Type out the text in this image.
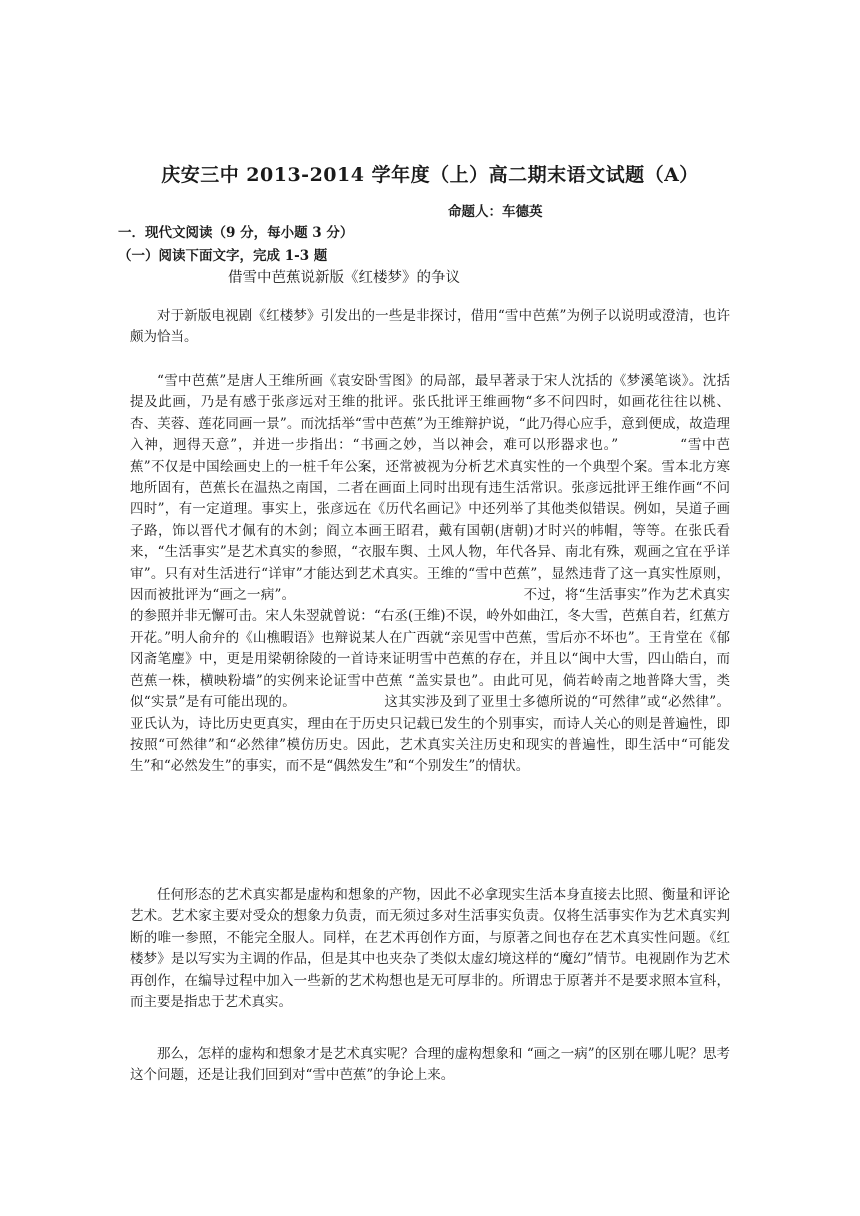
庆安三中 2013-2014 学年度（上）高二期末语文试题（A）
命题人：车德英
一．现代文阅读（9 分，每小题 3 分）
（一）阅读下面文字，完成 1-3 题
借雪中芭蕉说新版《红楼梦》的争议

对于新版电视剧《红楼梦》引发出的一些是非探讨，借用“雪中芭蕉”为例子以说明或澄清，也许颇为恰当。

“雪中芭蕉”是唐人王维所画《袁安卧雪图》的局部，最早著录于宋人沈括的《梦溪笔谈》。沈括提及此画，乃是有感于张彦远对王维的批评。张氏批评王维画物“多不问四时，如画花往往以桃、杏、芙蓉、莲花同画一景”。而沈括举“雪中芭蕉”为王维辩护说，“此乃得心应手，意到便成，故造理入神，迥得天意”，并进一步指出：“书画之妙，当以神会，难可以形器求也。”	“雪中芭蕉”不仅是中国绘画史上的一桩千年公案，还常被视为分析艺术真实性的一个典型个案。雪本北方寒地所固有，芭蕉长在温热之南国，二者在画面上同时出现有违生活常识。张彦远批评王维作画“不问四时”，有一定道理。事实上，张彦远在《历代名画记》中还列举了其他类似错误。例如，吴道子画子路，饰以晋代才佩有的木剑；阎立本画王昭君，戴有国朝(唐朝)才时兴的帏帽，等等。在张氏看来，“生活事实”是艺术真实的参照，“衣服车舆、土风人物，年代各异、南北有殊，观画之宜在乎详审”。只有对生活进行“详审”才能达到艺术真实。王维的“雪中芭蕉”，显然违背了这一真实性原则，因而被批评为“画之一病”。	不过，将“生活事实”作为艺术真实的参照并非无懈可击。宋人朱翌就曾说：“右丞(王维)不误，岭外如曲江，冬大雪，芭蕉自若，红蕉方开花。”明人俞弁的《山樵暇语》也辩说某人在广西就“亲见雪中芭蕉，雪后亦不坏也”。王肯堂在《郁冈斋笔麈》中，更是用梁朝徐陵的一首诗来证明雪中芭蕉的存在，并且以“闽中大雪，四山皓白，而芭蕉一株，横映粉墙”的实例来论证雪中芭蕉 “盖实景也”。由此可见，倘若岭南之地普降大雪，类似“实景”是有可能出现的。	这其实涉及到了亚里士多德所说的“可然律”或“必然律”。亚氏认为，诗比历史更真实，理由在于历史只记载已发生的个别事实，而诗人关心的则是普遍性，即按照“可然律”和“必然律”模仿历史。因此，艺术真实关注历史和现实的普遍性，即生活中“可能发生”和“必然发生”的事实，而不是“偶然发生”和“个别发生”的情状。

任何形态的艺术真实都是虚构和想象的产物，因此不必拿现实生活本身直接去比照、衡量和评论艺术。艺术家主要对受众的想象力负责，而无须过多对生活事实负责。仅将生活事实作为艺术真实判断的唯一参照，不能完全服人。同样，在艺术再创作方面，与原著之间也存在艺术真实性问题。《红楼梦》是以写实为主调的作品，但是其中也夹杂了类似太虚幻境这样的“魔幻”情节。电视剧作为艺术再创作，在编导过程中加入一些新的艺术构想也是无可厚非的。所谓忠于原著并不是要求照本宣科，而主要是指忠于艺术真实。

那么，怎样的虚构和想象才是艺术真实呢？合理的虚构想象和 “画之一病”的区别在哪儿呢？思考这个问题，还是让我们回到对“雪中芭蕉”的争论上来。
